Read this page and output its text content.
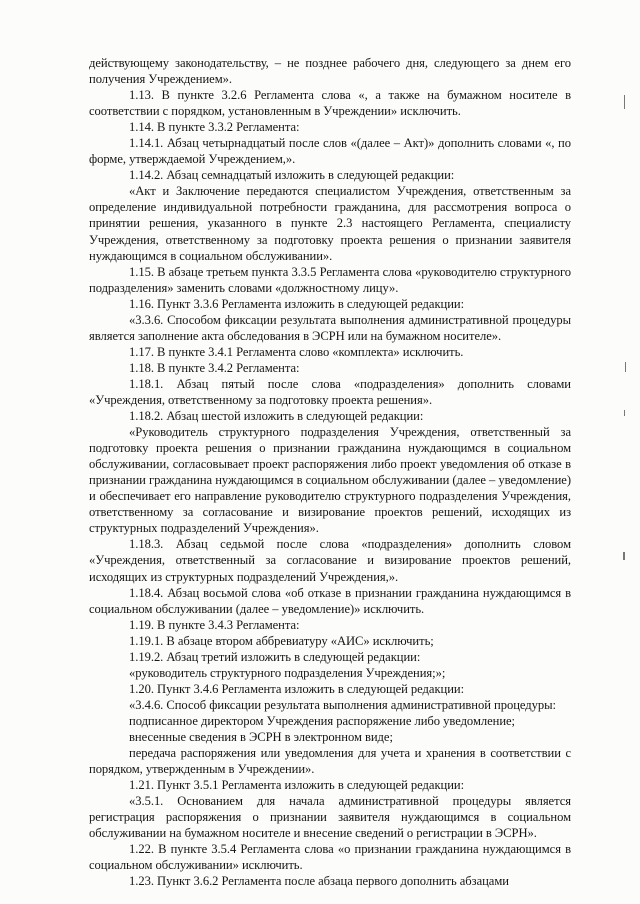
действующему законодательству, – не позднее рабочего дня, следующего за днем его получения Учреждением».

1.13. В пункте 3.2.6 Регламента слова «, а также на бумажном носителе в соответствии с порядком, установленным в Учреждении» исключить.

1.14. В пункте 3.3.2 Регламента:

1.14.1. Абзац четырнадцатый после слов «(далее – Акт)» дополнить словами «, по форме, утверждаемой Учреждением,».

1.14.2. Абзац семнадцатый изложить в следующей редакции:

«Акт и Заключение передаются специалистом Учреждения, ответственным за определение индивидуальной потребности гражданина, для рассмотрения вопроса о принятии решения, указанного в пункте 2.3 настоящего Регламента, специалисту Учреждения, ответственному за подготовку проекта решения о признании заявителя нуждающимся в социальном обслуживании».

1.15. В абзаце третьем пункта 3.3.5 Регламента слова «руководителю структурного подразделения» заменить словами «должностному лицу».

1.16. Пункт 3.3.6 Регламента изложить в следующей редакции:

«3.3.6. Способом фиксации результата выполнения административной процедуры является заполнение акта обследования в ЭСРН или на бумажном носителе».

1.17. В пункте 3.4.1 Регламента слово «комплекта» исключить.

1.18. В пункте 3.4.2 Регламента:

1.18.1. Абзац пятый после слова «подразделения» дополнить словами «Учреждения, ответственному за подготовку проекта решения».

1.18.2. Абзац шестой изложить в следующей редакции:

«Руководитель структурного подразделения Учреждения, ответственный за подготовку проекта решения о признании гражданина нуждающимся в социальном обслуживании, согласовывает проект распоряжения либо проект уведомления об отказе в признании гражданина нуждающимся в социальном обслуживании (далее – уведомление) и обеспечивает его направление руководителю структурного подразделения Учреждения, ответственному за согласование и визирование проектов решений, исходящих из структурных подразделений Учреждения».

1.18.3. Абзац седьмой после слова «подразделения» дополнить словом «Учреждения, ответственный за согласование и визирование проектов решений, исходящих из структурных подразделений Учреждения,».

1.18.4. Абзац восьмой слова «об отказе в признании гражданина нуждающимся в социальном обслуживании (далее – уведомление)» исключить.

1.19. В пункте 3.4.3 Регламента:

1.19.1. В абзаце втором аббревиатуру «АИС» исключить;

1.19.2. Абзац третий изложить в следующей редакции:

«руководитель структурного подразделения Учреждения;»;

1.20. Пункт 3.4.6 Регламента изложить в следующей редакции:

«3.4.6. Способ фиксации результата выполнения административной процедуры:

подписанное директором Учреждения распоряжение либо уведомление;

внесенные сведения в ЭСРН в электронном виде;

передача распоряжения или уведомления для учета и хранения в соответствии с порядком, утвержденным в Учреждении».

1.21. Пункт 3.5.1 Регламента изложить в следующей редакции:

«3.5.1. Основанием для начала административной процедуры является регистрация распоряжения о признании заявителя нуждающимся в социальном обслуживании на бумажном носителе и внесение сведений о регистрации в ЭСРН».

1.22. В пункте 3.5.4 Регламента слова «о признании гражданина нуждающимся в социальном обслуживании» исключить.

1.23. Пункт 3.6.2 Регламента после абзаца первого дополнить абзацами
